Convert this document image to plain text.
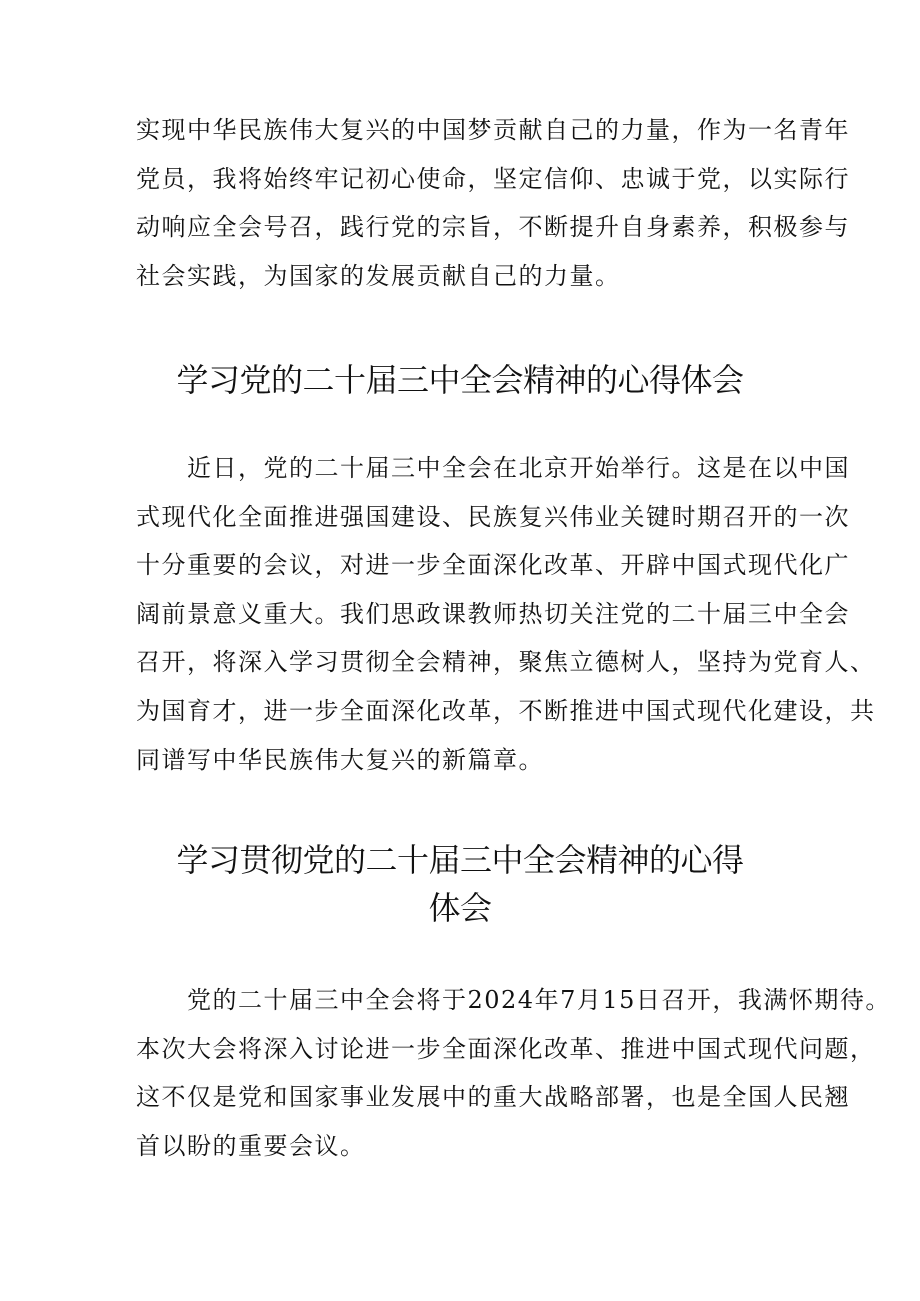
实现中华民族伟大复兴的中国梦贡献自己的力量，作为一名青年
党员，我将始终牢记初心使命，坚定信仰、忠诚于党，以实际行
动响应全会号召，践行党的宗旨，不断提升自身素养，积极参与
社会实践，为国家的发展贡献自己的力量。

学习党的二十届三中全会精神的心得体会

　　近日，党的二十届三中全会在北京开始举行。这是在以中国
式现代化全面推进强国建设、民族复兴伟业关键时期召开的一次
十分重要的会议，对进一步全面深化改革、开辟中国式现代化广
阔前景意义重大。我们思政课教师热切关注党的二十届三中全会
召开，将深入学习贯彻全会精神，聚焦立德树人，坚持为党育人、
为国育才，进一步全面深化改革，不断推进中国式现代化建设，共
同谱写中华民族伟大复兴的新篇章。

学习贯彻党的二十届三中全会精神的心得
体会

　　党的二十届三中全会将于2024年7月15日召开，我满怀期待。
本次大会将深入讨论进一步全面深化改革、推进中国式现代问题，
这不仅是党和国家事业发展中的重大战略部署，也是全国人民翘
首以盼的重要会议。
